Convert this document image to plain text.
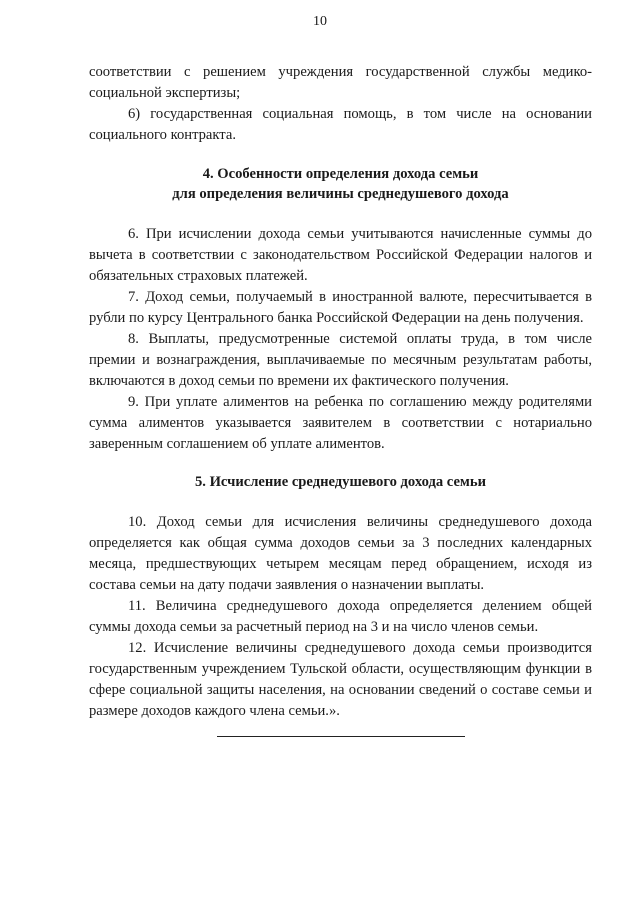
10

соответствии с решением учреждения государственной службы медико-социальной экспертизы;

6) государственная социальная помощь, в том числе на основании социального контракта.

4. Особенности определения дохода семьи
для определения величины среднедушевого дохода

6. При исчислении дохода семьи учитываются начисленные суммы до вычета в соответствии с законодательством Российской Федерации налогов и обязательных страховых платежей.

7. Доход семьи, получаемый в иностранной валюте, пересчитывается в рубли по курсу Центрального банка Российской Федерации на день получения.

8. Выплаты, предусмотренные системой оплаты труда, в том числе премии и вознаграждения, выплачиваемые по месячным результатам работы, включаются в доход семьи по времени их фактического получения.

9. При уплате алиментов на ребенка по соглашению между родителями сумма алиментов указывается заявителем в соответствии с нотариально заверенным соглашением об уплате алиментов.

5. Исчисление среднедушевого дохода семьи

10. Доход семьи для исчисления величины среднедушевого дохода определяется как общая сумма доходов семьи за 3 последних календарных месяца, предшествующих четырем месяцам перед обращением, исходя из состава семьи на дату подачи заявления о назначении выплаты.

11. Величина среднедушевого дохода определяется делением общей суммы дохода семьи за расчетный период на 3 и на число членов семьи.

12. Исчисление величины среднедушевого дохода семьи производится государственным учреждением Тульской области, осуществляющим функции в сфере социальной защиты населения, на основании сведений о составе семьи и размере доходов каждого члена семьи.».
